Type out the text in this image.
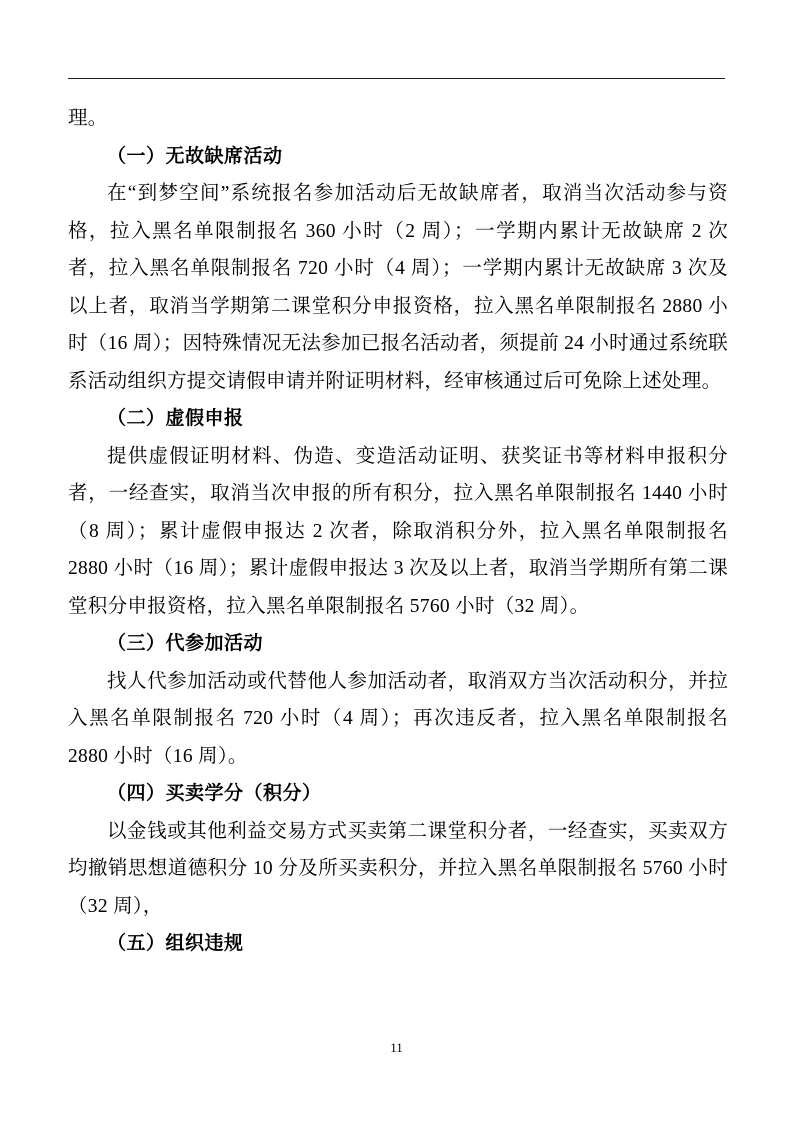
理。

（一）无故缺席活动

在“到梦空间”系统报名参加活动后无故缺席者，取消当次活动参与资格，拉入黑名单限制报名 360 小时（2 周）；一学期内累计无故缺席 2 次者，拉入黑名单限制报名 720 小时（4 周）；一学期内累计无故缺席 3 次及以上者，取消当学期第二课堂积分申报资格，拉入黑名单限制报名 2880 小时（16 周）；因特殊情况无法参加已报名活动者，须提前 24 小时通过系统联系活动组织方提交请假申请并附证明材料，经审核通过后可免除上述处理。

（二）虚假申报

提供虚假证明材料、伪造、变造活动证明、获奖证书等材料申报积分者，一经查实，取消当次申报的所有积分，拉入黑名单限制报名 1440 小时（8 周）；累计虚假申报达 2 次者，除取消积分外，拉入黑名单限制报名 2880 小时（16 周）；累计虚假申报达 3 次及以上者，取消当学期所有第二课堂积分申报资格，拉入黑名单限制报名 5760 小时（32 周）。

（三）代参加活动

找人代参加活动或代替他人参加活动者，取消双方当次活动积分，并拉入黑名单限制报名 720 小时（4 周）；再次违反者，拉入黑名单限制报名 2880 小时（16 周）。

（四）买卖学分（积分）

以金钱或其他利益交易方式买卖第二课堂积分者，一经查实，买卖双方均撤销思想道德积分 10 分及所买卖积分，并拉入黑名单限制报名 5760 小时（32 周），

（五）组织违规

11
